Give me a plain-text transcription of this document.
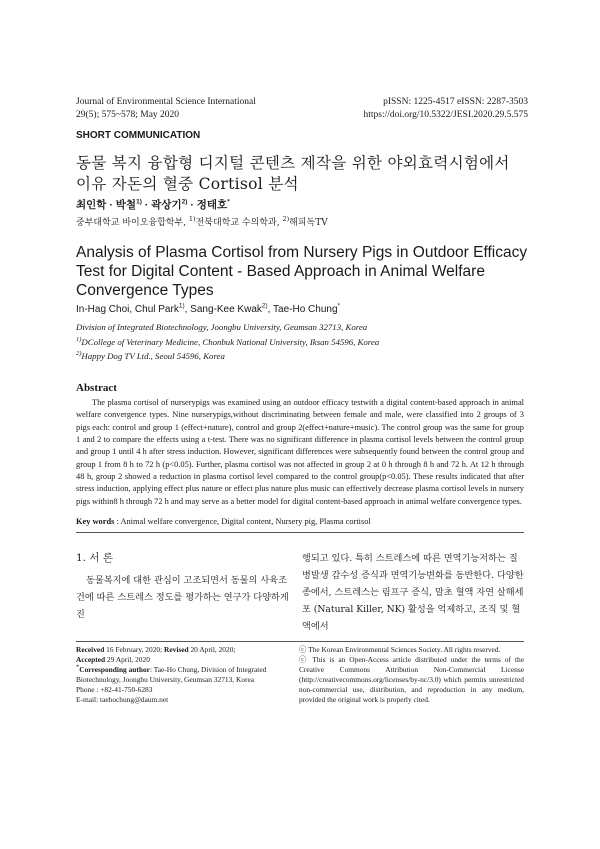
Journal of Environmental Science International
29(5); 575~578; May 2020
pISSN: 1225-4517 eISSN: 2287-3503
https://doi.org/10.5322/JESI.2020.29.5.575
SHORT COMMUNICATION
동물 복지 융합형 디지털 콘텐츠 제작을 위한 야외효력시험에서
이유 자돈의 혈중 Cortisol 분석
최인학 · 박철$^{1)}$ · 곽상기$^{2)}$ · 정태호*
중부대학교 바이오융합학부, $^{1)}$전북대학교 수의학과, $^{2)}$해피독TV
Analysis of Plasma Cortisol from Nursery Pigs in Outdoor Efficacy
Test for Digital Content - Based Approach in Animal Welfare
Convergence Types
In-Hag Choi, Chul Park$^{1)}$, Sang-Kee Kwak$^{2)}$, Tae-Ho Chung*
Division of Integrated Biotechnology, Joongbu University, Geumsan 32713, Korea
$^{1)}$DCollege of Veterinary Medicine, Chonbuk National University, Iksan 54596, Korea
$^{2)}$Happy Dog TV Ltd., Seoul 54596, Korea
Abstract
The plasma cortisol of nurserypigs was examined using an outdoor efficacy testwith a digital content-based approach in animal welfare convergence types. Nine nurserypigs,without discriminating between female and male, were classified into 2 groups of 3 pigs each: control and group 1 (effect+nature), control and group 2(effect+nature+music). The control group was the same for group 1 and 2 to compare the effects using a t-test. There was no significant difference in plasma cortisol levels between the control group and group 1 until 4 h after stress induction. However, significant differences were subsequently found between the control group and group 1 from 8 h to 72 h (p<0.05). Further, plasma cortisol was not affected in group 2 at 0 h through 8 h and 72 h. At 12 h through 48 h, group 2 showed a reduction in plasma cortisol level compared to the control group(p<0.05). These results indicated that after stress induction, applying effect plus nature or effect plus nature plus music can effectively decrease plasma cortisol levels in nursery pigs within8 h through 72 h and may serve as a better model for digital content-based approach in animal welfare convergence types.
Key words : Animal welfare convergence, Digital content, Nursery pig, Plasma cortisol
1. 서 론
동물복지에 대한 관심이 고조되면서 동물의 사육조건에 따른 스트레스 정도를 평가하는 연구가 다양하게 진
행되고 있다. 특히 스트레스에 따른 면역기능저하는 질병발생 감수성 증식과 면역기능변화를 동반한다. 다양한 종에서, 스트레스는 림프구 증식, 말초 혈액 자연 살해세포 (Natural Killer, NK) 활성을 억제하고, 조직 및 혈액에서
Received 16 February, 2020; Revised 20 April, 2020;
Accepted 29 April, 2020
*Corresponding author: Tae-Ho Chung, Division of Integrated Biotechnology, Joongbu University, Geumsan 32713, Korea
Phone : +82-41-750-6283
E-mail: taehochung@daum.net
ⓒ The Korean Environmental Sciences Society. All rights reserved.
ⓒ This is an Open-Access article distributed under the terms of the Creative Commons Attribution Non-Commercial License (http://creativecommons.org/licenses/by-nc/3.0) which permits unrestricted non-commercial use, distribution, and reproduction in any medium, provided the original work is properly cited.
